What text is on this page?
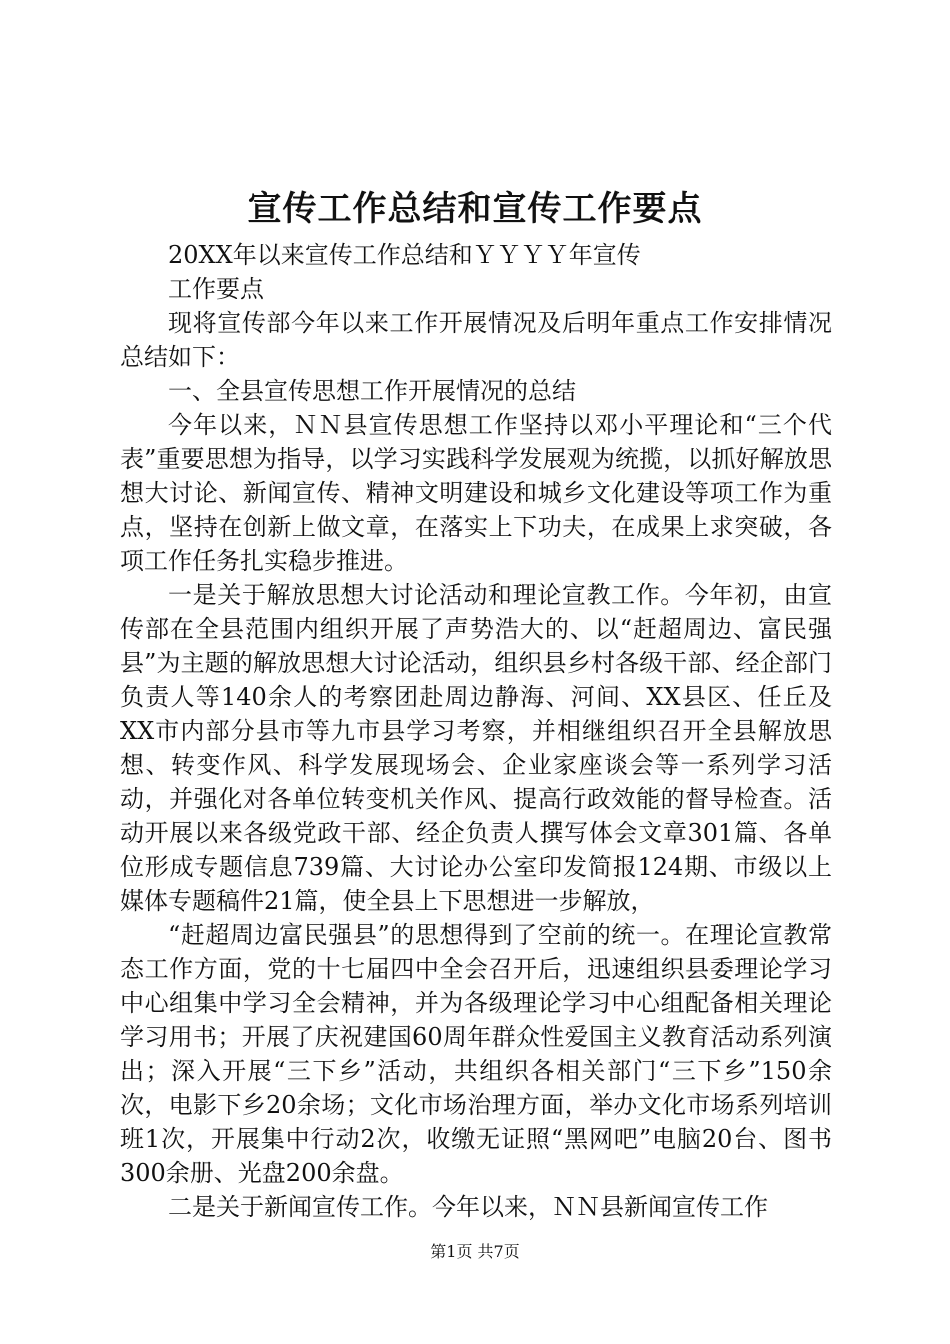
宣传工作总结和宣传工作要点

20XX年以来宣传工作总结和ＹＹＹＹ年宣传

工作要点

现将宣传部今年以来工作开展情况及后明年重点工作安排情况总结如下：

一、全县宣传思想工作开展情况的总结

今年以来，ＮＮ县宣传思想工作坚持以邓小平理论和“三个代表”重要思想为指导，以学习实践科学发展观为统揽，以抓好解放思想大讨论、新闻宣传、精神文明建设和城乡文化建设等项工作为重点，坚持在创新上做文章，在落实上下功夫，在成果上求突破，各项工作任务扎实稳步推进。

一是关于解放思想大讨论活动和理论宣教工作。今年初，由宣传部在全县范围内组织开展了声势浩大的、以“赶超周边、富民强县”为主题的解放思想大讨论活动，组织县乡村各级干部、经企部门负责人等140余人的考察团赴周边静海、河间、XX县区、任丘及XX市内部分县市等九市县学习考察，并相继组织召开全县解放思想、转变作风、科学发展现场会、企业家座谈会等一系列学习活动，并强化对各单位转变机关作风、提高行政效能的督导检查。活动开展以来各级党政干部、经企负责人撰写体会文章301篇、各单位形成专题信息739篇、大讨论办公室印发简报124期、市级以上媒体专题稿件21篇，使全县上下思想进一步解放，

“赶超周边富民强县”的思想得到了空前的统一。在理论宣教常态工作方面，党的十七届四中全会召开后，迅速组织县委理论学习中心组集中学习全会精神，并为各级理论学习中心组配备相关理论学习用书；开展了庆祝建国60周年群众性爱国主义教育活动系列演出；深入开展“三下乡”活动，共组织各相关部门“三下乡”150余次，电影下乡20余场；文化市场治理方面，举办文化市场系列培训班1次，开展集中行动2次，收缴无证照“黑网吧”电脑20台、图书300余册、光盘200余盘。

二是关于新闻宣传工作。今年以来，ＮＮ县新闻宣传工作

第1页 共7页
